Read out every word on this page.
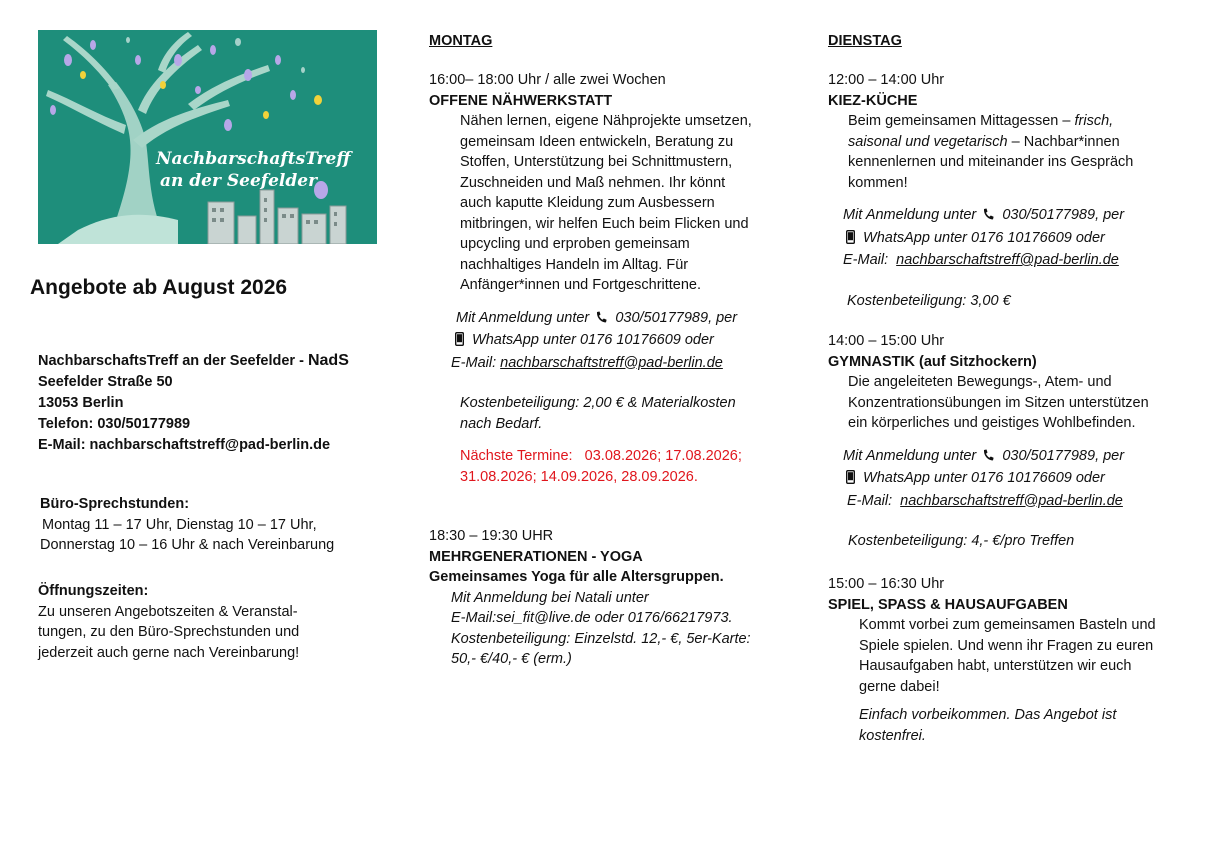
NachbarschaftsTreff
an der Seefelder
Angebote ab August 2026
NachbarschaftsTreff an der Seefelder - NadS
Seefelder Straße 50
13053 Berlin
Telefon: 030/50177989
E-Mail: nachbarschaftstreff@pad-berlin.de
Büro-Sprechstunden:
Montag 11 – 17 Uhr, Dienstag 10 – 17 Uhr,
Donnerstag 10 – 16 Uhr & nach Vereinbarung
Öffnungszeiten:
Zu unseren Angebotszeiten & Veranstal-
tungen, zu den Büro-Sprechstunden und
jederzeit auch gerne nach Vereinbarung!
MONTAG
16:00– 18:00 Uhr / alle zwei Wochen
OFFENE NÄHWERKSTATT
Nähen lernen, eigene Nähprojekte umsetzen,
gemeinsam Ideen entwickeln, Beratung zu
Stoffen, Unterstützung bei Schnittmustern,
Zuschneiden und Maß nehmen. Ihr könnt
auch kaputte Kleidung zum Ausbessern
mitbringen, wir helfen Euch beim Flicken und
upcycling und erproben gemeinsam
nachhaltiges Handeln im Alltag. Für
Anfänger*innen und Fortgeschrittene.
Mit Anmeldung unter 030/50177989, per
WhatsApp unter 0176 10176609 oder
E-Mail: nachbarschaftstreff@pad-berlin.de
Kostenbeteiligung: 2,00 € & Materialkosten
nach Bedarf.
Nächste Termine: 03.08.2026; 17.08.2026;
31.08.2026; 14.09.2026, 28.09.2026.
18:30 – 19:30 UHR
MEHRGENERATIONEN - YOGA
Gemeinsames Yoga für alle Altersgruppen.
Mit Anmeldung bei Natali unter
E-Mail:sei_fit@live.de oder 0176/66217973.
Kostenbeteiligung: Einzelstd. 12,- €, 5er-Karte:
50,- €/40,- € (erm.)
DIENSTAG
12:00 – 14:00 Uhr
KIEZ-KÜCHE
Beim gemeinsamen Mittagessen – frisch,
saisonal und vegetarisch – Nachbar*innen
kennenlernen und miteinander ins Gespräch
kommen!
Mit Anmeldung unter 030/50177989, per
WhatsApp unter 0176 10176609 oder
E-Mail:  nachbarschaftstreff@pad-berlin.de
Kostenbeteiligung: 3,00 €
14:00 – 15:00 Uhr
GYMNASTIK (auf Sitzhockern)
Die angeleiteten Bewegungs-, Atem- und
Konzentrationsübungen im Sitzen unterstützen
ein körperliches und geistiges Wohlbefinden.
Mit Anmeldung unter 030/50177989, per
WhatsApp unter 0176 10176609 oder
E-Mail:  nachbarschaftstreff@pad-berlin.de
Kostenbeteiligung: 4,- €/pro Treffen
15:00 – 16:30 Uhr
SPIEL, SPASS & HAUSAUFGABEN
Kommt vorbei zum gemeinsamen Basteln und
Spiele spielen. Und wenn ihr Fragen zu euren
Hausaufgaben habt, unterstützen wir euch
gerne dabei!
Einfach vorbeikommen. Das Angebot ist
kostenfrei.
